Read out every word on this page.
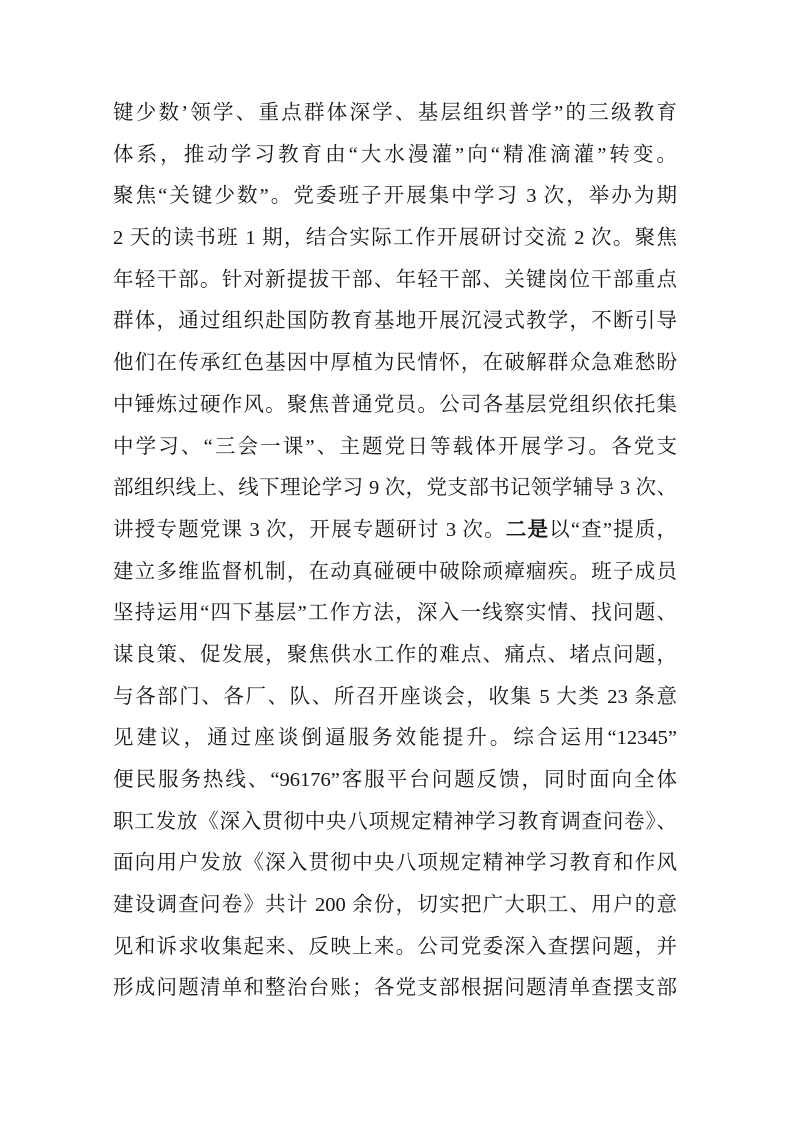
键少数’领学、重点群体深学、基层组织普学”的三级教育
体系，推动学习教育由“大水漫灌”向“精准滴灌”转变。
聚焦“关键少数”。党委班子开展集中学习 3 次，举办为期
2 天的读书班 1 期，结合实际工作开展研讨交流 2 次。聚焦
年轻干部。针对新提拔干部、年轻干部、关键岗位干部重点
群体，通过组织赴国防教育基地开展沉浸式教学，不断引导
他们在传承红色基因中厚植为民情怀，在破解群众急难愁盼
中锤炼过硬作风。聚焦普通党员。公司各基层党组织依托集
中学习、“三会一课”、主题党日等载体开展学习。各党支
部组织线上、线下理论学习 9 次，党支部书记领学辅导 3 次、
讲授专题党课 3 次，开展专题研讨 3 次。二是以“查”提质，
建立多维监督机制，在动真碰硬中破除顽瘴痼疾。班子成员
坚持运用“四下基层”工作方法，深入一线察实情、找问题、
谋良策、促发展，聚焦供水工作的难点、痛点、堵点问题，
与各部门、各厂、队、所召开座谈会，收集 5 大类 23 条意
见建议，通过座谈倒逼服务效能提升。综合运用“12345”
便民服务热线、“96176”客服平台问题反馈，同时面向全体
职工发放《深入贯彻中央八项规定精神学习教育调查问卷》、
面向用户发放《深入贯彻中央八项规定精神学习教育和作风
建设调查问卷》共计 200 余份，切实把广大职工、用户的意
见和诉求收集起来、反映上来。公司党委深入查摆问题，并
形成问题清单和整治台账；各党支部根据问题清单查摆支部
